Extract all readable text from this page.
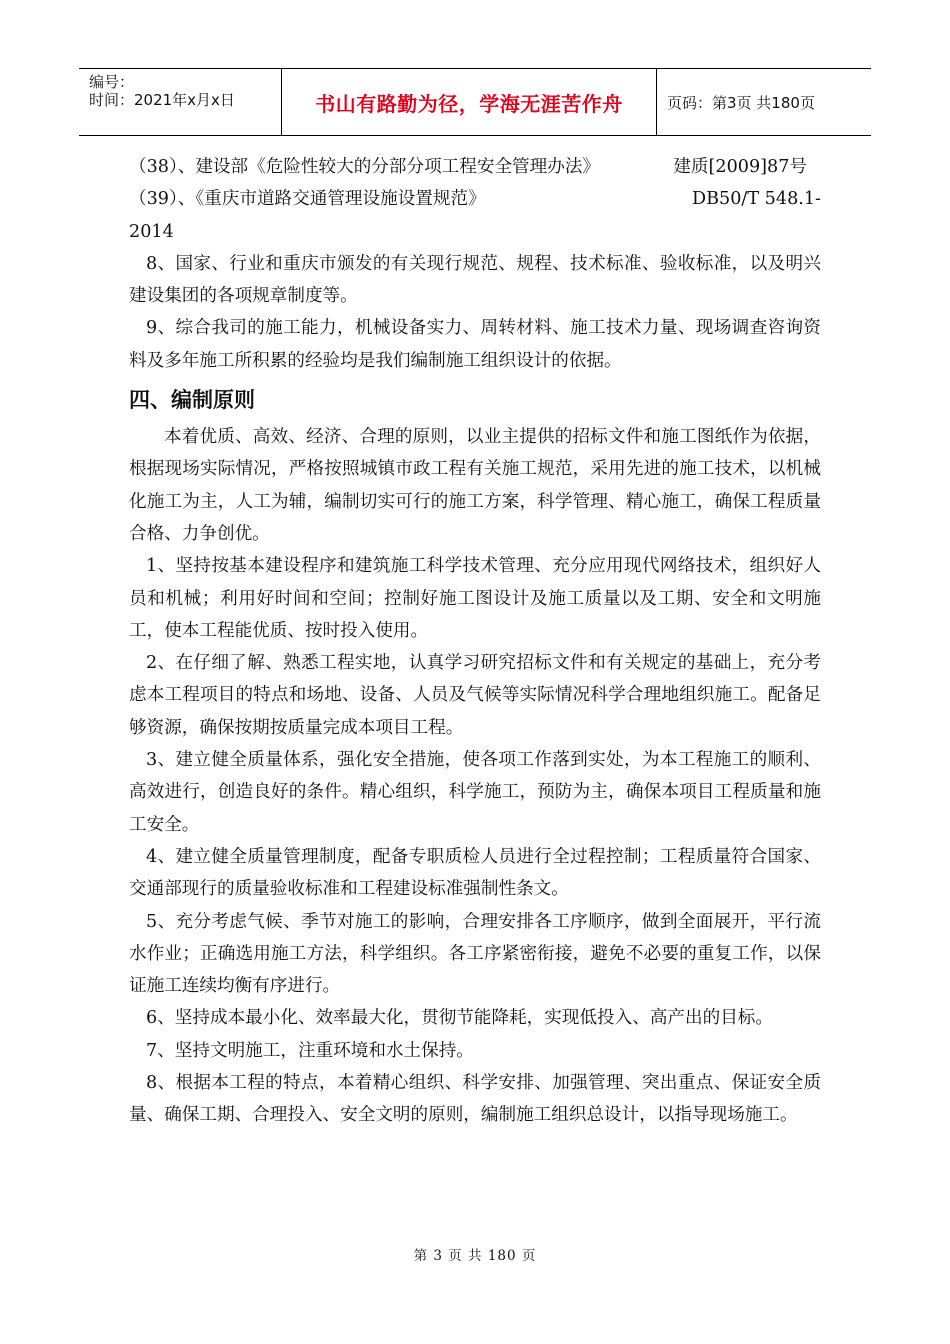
编号：
时间：2021年x月x日	书山有路勤为径，学海无涯苦作舟	页码：第3页 共180页

（38）、建设部《危险性较大的分部分项工程安全管理办法》	建质[2009]87号

（39）、《重庆市道路交通管理设施设置规范》	DB50/T 548.1-

2014

8、国家、行业和重庆市颁发的有关现行规范、规程、技术标准、验收标准，以及明兴建设集团的各项规章制度等。

9、综合我司的施工能力，机械设备实力、周转材料、施工技术力量、现场调查咨询资料及多年施工所积累的经验均是我们编制施工组织设计的依据。

四、编制原则

本着优质、高效、经济、合理的原则，以业主提供的招标文件和施工图纸作为依据，根据现场实际情况，严格按照城镇市政工程有关施工规范，采用先进的施工技术，以机械化施工为主，人工为辅，编制切实可行的施工方案，科学管理、精心施工，确保工程质量合格、力争创优。

1、坚持按基本建设程序和建筑施工科学技术管理、充分应用现代网络技术，组织好人员和机械；利用好时间和空间；控制好施工图设计及施工质量以及工期、安全和文明施工，使本工程能优质、按时投入使用。

2、在仔细了解、熟悉工程实地，认真学习研究招标文件和有关规定的基础上，充分考虑本工程项目的特点和场地、设备、人员及气候等实际情况科学合理地组织施工。配备足够资源，确保按期按质量完成本项目工程。

3、建立健全质量体系，强化安全措施，使各项工作落到实处，为本工程施工的顺利、高效进行，创造良好的条件。精心组织，科学施工，预防为主，确保本项目工程质量和施工安全。

4、建立健全质量管理制度，配备专职质检人员进行全过程控制；工程质量符合国家、交通部现行的质量验收标准和工程建设标准强制性条文。

5、充分考虑气候、季节对施工的影响，合理安排各工序顺序，做到全面展开，平行流水作业；正确选用施工方法，科学组织。各工序紧密衔接，避免不必要的重复工作，以保证施工连续均衡有序进行。

6、坚持成本最小化、效率最大化，贯彻节能降耗，实现低投入、高产出的目标。

7、坚持文明施工，注重环境和水土保持。

8、根据本工程的特点，本着精心组织、科学安排、加强管理、突出重点、保证安全质量、确保工期、合理投入、安全文明的原则，编制施工组织总设计，以指导现场施工。

第 3 页 共 180 页
